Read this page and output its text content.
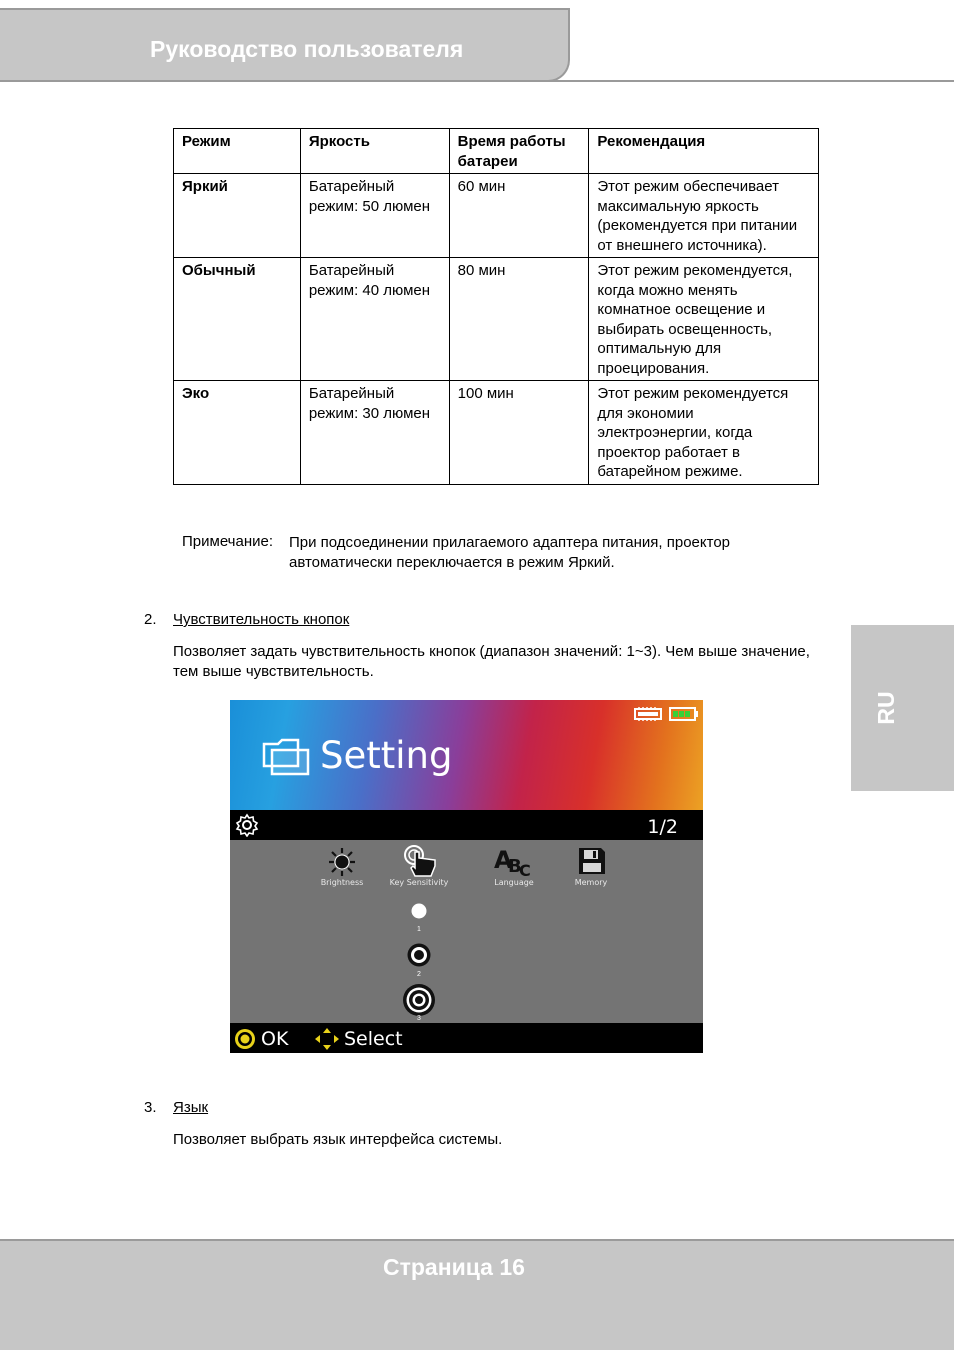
Руководство пользователя
RU
Режим	Яркость	Время работы батареи	Рекомендация
Яркий	Батарейный режим: 50 люмен	60 мин	Этот режим обеспечивает максимальную яркость (рекомендуется при питании от внешнего источника).
Обычный	Батарейный режим: 40 люмен	80 мин	Этот режим рекомендуется, когда можно менять комнатное освещение и выбирать освещенность, оптимальную для проецирования.
Эко	Батарейный режим: 30 люмен	100 мин	Этот режим рекомендуется для экономии электроэнергии, когда проектор работает в батарейном режиме.
Примечание: При подсоединении прилагаемого адаптера питания, проектор автоматически переключается в режим Яркий.
2. Чувствительность кнопок
Позволяет задать чувствительность кнопок (диапазон значений: 1~3). Чем выше значение, тем выше чувствительность.
Setting
1/2
A
B
C
Brightness	Key Sensitivity	Language	Memory
1
2
3
OK	Select
3. Язык
Позволяет выбрать язык интерфейса системы.
Страница 16
